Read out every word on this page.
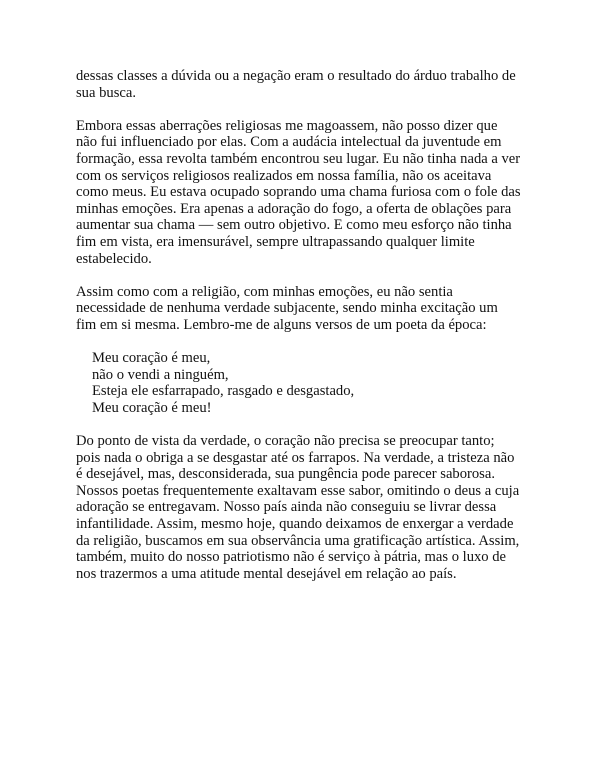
dessas classes a dúvida ou a negação eram o resultado do árduo trabalho de
sua busca.

Embora essas aberrações religiosas me magoassem, não posso dizer que
não fui influenciado por elas. Com a audácia intelectual da juventude em
formação, essa revolta também encontrou seu lugar. Eu não tinha nada a ver
com os serviços religiosos realizados em nossa família, não os aceitava
como meus. Eu estava ocupado soprando uma chama furiosa com o fole das
minhas emoções. Era apenas a adoração do fogo, a oferta de oblações para
aumentar sua chama — sem outro objetivo. E como meu esforço não tinha
fim em vista, era imensurável, sempre ultrapassando qualquer limite
estabelecido.

Assim como com a religião, com minhas emoções, eu não sentia
necessidade de nenhuma verdade subjacente, sendo minha excitação um
fim em si mesma. Lembro-me de alguns versos de um poeta da época:

Meu coração é meu,
não o vendi a ninguém,
Esteja ele esfarrapado, rasgado e desgastado,
Meu coração é meu!

Do ponto de vista da verdade, o coração não precisa se preocupar tanto;
pois nada o obriga a se desgastar até os farrapos. Na verdade, a tristeza não
é desejável, mas, desconsiderada, sua pungência pode parecer saborosa.
Nossos poetas frequentemente exaltavam esse sabor, omitindo o deus a cuja
adoração se entregavam. Nosso país ainda não conseguiu se livrar dessa
infantilidade. Assim, mesmo hoje, quando deixamos de enxergar a verdade
da religião, buscamos em sua observância uma gratificação artística. Assim,
também, muito do nosso patriotismo não é serviço à pátria, mas o luxo de
nos trazermos a uma atitude mental desejável em relação ao país.
